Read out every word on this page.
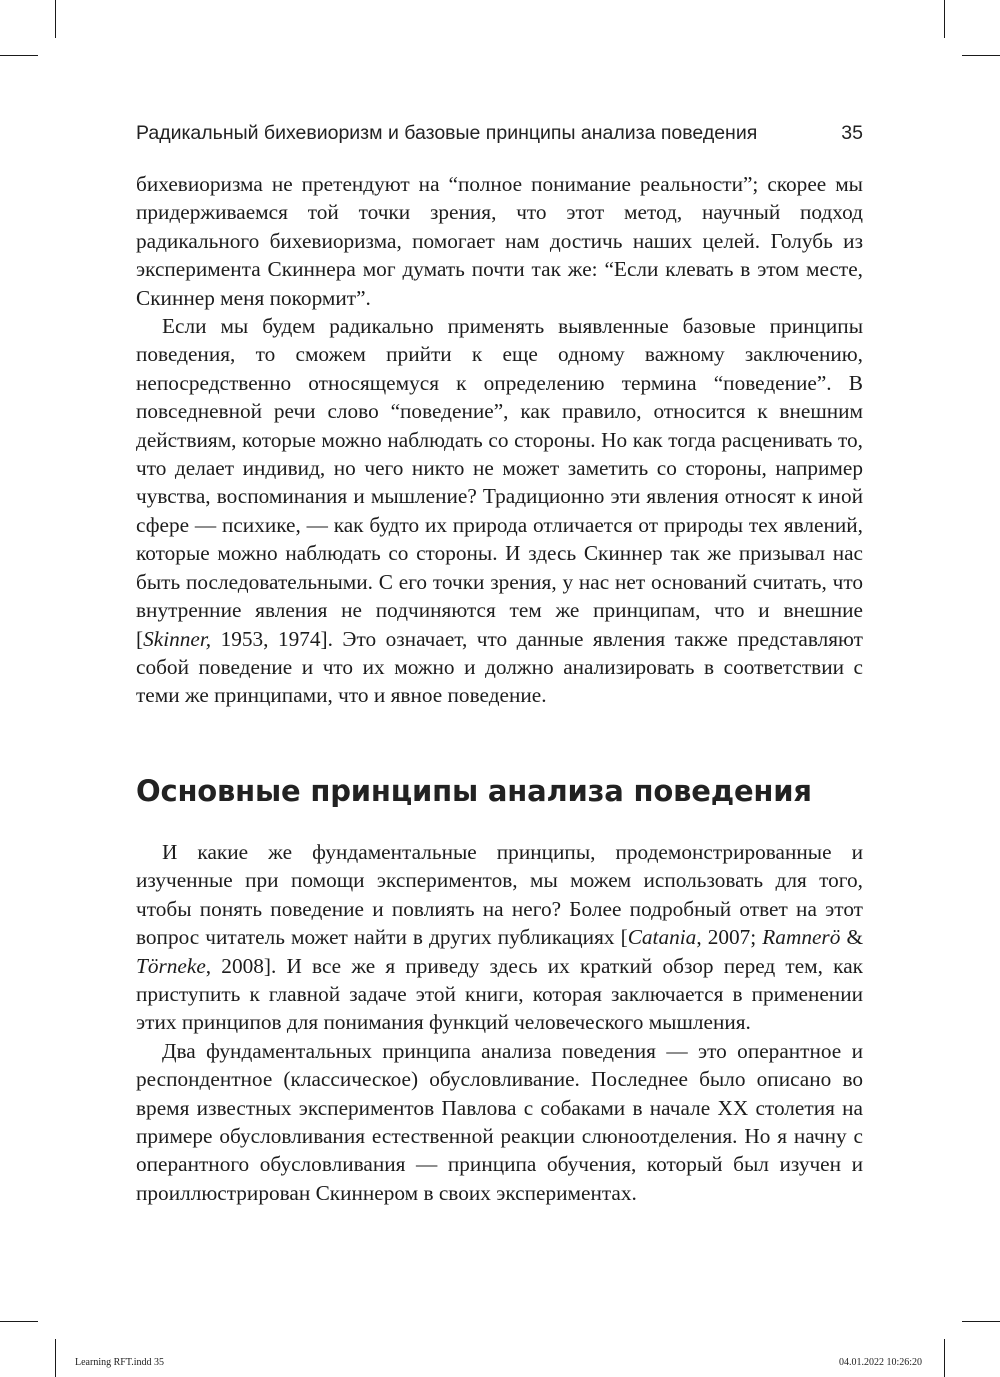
Радикальный бихевиоризм и базовые принципы анализа поведения	35

бихевиоризма не претендуют на “полное понимание реальности”; скорее мы придерживаемся той точки зрения, что этот метод, научный подход радикального бихевиоризма, помогает нам достичь наших целей. Голубь из эксперимента Скиннера мог думать почти так же: “Если клевать в этом месте, Скиннер меня покормит”.

Если мы будем радикально применять выявленные базовые принципы поведения, то сможем прийти к еще одному важному заключению, непосредственно относящемуся к определению термина “поведение”. В повседневной речи слово “поведение”, как правило, относится к внешним действиям, которые можно наблюдать со стороны. Но как тогда расценивать то, что делает индивид, но чего никто не может заметить со стороны, например чувства, воспоминания и мышление? Традиционно эти явления относят к иной сфере — психике, — как будто их природа отличается от природы тех явлений, которые можно наблюдать со стороны. И здесь Скиннер так же призывал нас быть последовательными. С его точки зрения, у нас нет оснований считать, что внутренние явления не подчиняются тем же принципам, что и внешние [Skinner, 1953, 1974]. Это означает, что данные явления также представляют собой поведение и что их можно и должно анализировать в соответствии с теми же принципами, что и явное поведение.

Основные принципы анализа поведения

И какие же фундаментальные принципы, продемонстрированные и изученные при помощи экспериментов, мы можем использовать для того, чтобы понять поведение и повлиять на него? Более подробный ответ на этот вопрос читатель может найти в других публикациях [Catania, 2007; Ramnerö & Törneke, 2008]. И все же я приведу здесь их краткий обзор перед тем, как приступить к главной задаче этой книги, которая заключается в применении этих принципов для понимания функций человеческого мышления.

Два фундаментальных принципа анализа поведения — это оперантное и респондентное (классическое) обусловливание. Последнее было описано во время известных экспериментов Павлова с собаками в начале XX столетия на примере обусловливания естественной реакции слюноотделения. Но я начну с оперантного обусловливания — принципа обучения, который был изучен и проиллюстрирован Скиннером в своих экспериментах.

Learning RFT.indd 35	04.01.2022 10:26:20
